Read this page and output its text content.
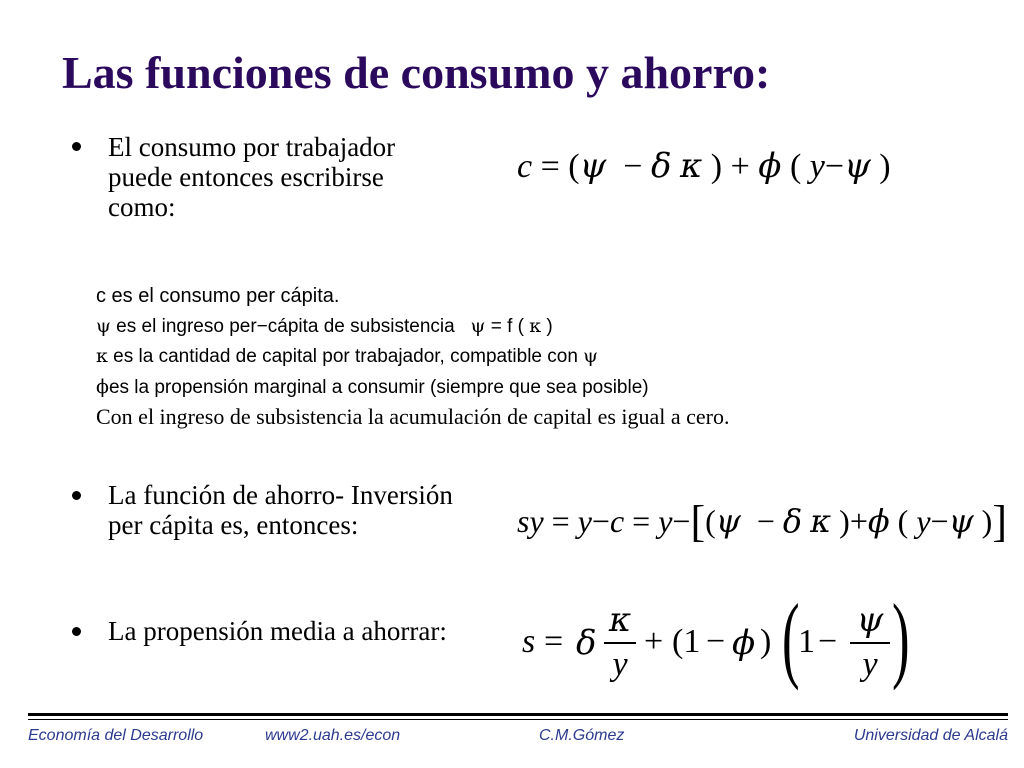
Las funciones de consumo y ahorro:
El consumo por trabajador
puede entonces escribirse
como:
c = (ψ − δ κ ) + ϕ ( y−ψ )
c es el consumo per cápita.
ψ es el ingreso per−cápita de subsistencia   ψ = f ( κ )
κ es la cantidad de capital por trabajador, compatible con ψ
ϕes la propensión marginal a consumir (siempre que sea posible)
Con el ingreso de subsistencia la acumulación de capital es igual a cero.
La función de ahorro- Inversión
per cápita es, entonces:	sy = y−c = y−[(ψ − δ κ )+ϕ ( y−ψ )]
La propensión media a ahorrar: s = δ
κ
y
+ (1 − ϕ ) (
1 −
ψ
y )
Economía del Desarrollo	www2.uah.es/econ	C.M.Gómez	Universidad de Alcalá
